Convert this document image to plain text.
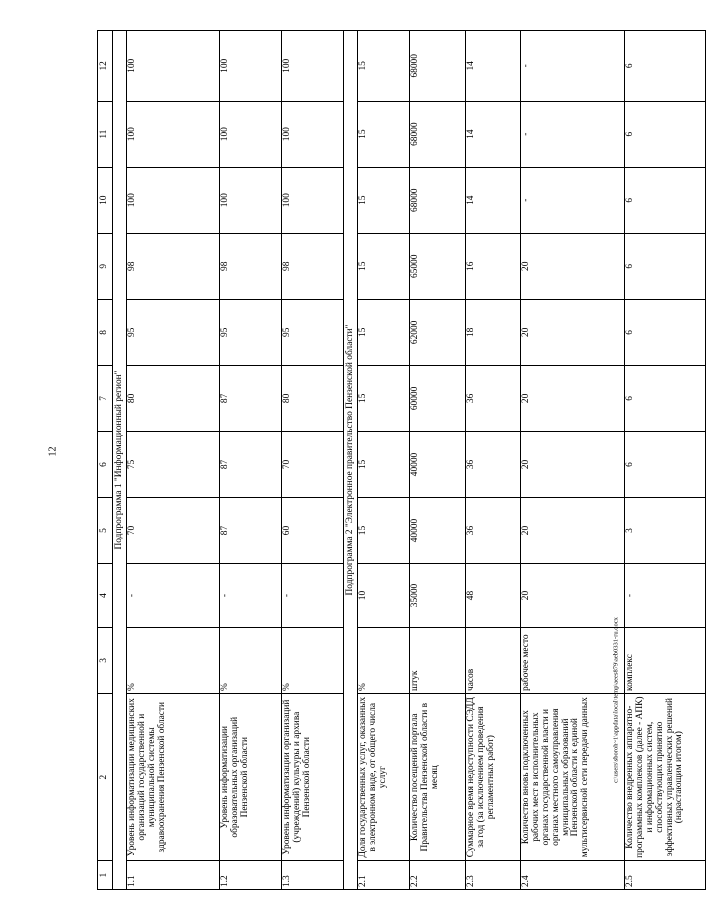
12
1	2	3	4	5	6	7	8	9	10	11	12
Подпрограмма 1 "Информационный регион"											
1.1	Уровень информатизации медицинских организаций государственной и муниципальной системы здравоохранения Пензенской области	%	-	70	75	80	95	98	100	100	100
1.2	Уровень информатизации образовательных организаций Пензенской области	%	-	87	87	87	95	98	100	100	100
1.3	Уровень информатизации организаций (учреждений) культуры и архива Пензенской области	%	-	60	70	80	95	98	100	100	100
Подпрограмма 2 "Электронное правительство Пензенской области"											
2.1	Доля государственных услуг, оказанных в электронном виде, от общего числа услуг	%	10	15	15	15	15	15	15	15	15
2.2	Количество посещений портала Правительства Пензенской области в месяц	штук	35000	40000	40000	60000	62000	65000	68000	68000	68000
2.3	Суммарное время недоступности СЭДД за год (за исключением проведения регламентных работ)	часов	48	36	36	36	18	16	14	14	14
2.4	Количество вновь подключенных рабочих мест в исполнительных органах государственной власти и органах местного самоуправления муниципальных образований Пензенской области к единой мультисервисной сети передачи данных	рабочее место	20	20	20	20	20	20	-	-	-
2.5	Количество внедренных аппаратно-программных комплексов (далее - АПК) и информационных систем, способствующих принятию эффективных управленческих решений (нарастающим итогом)	комплекс	-	3	6	6	6	6	6	6	6
c:\users\sboroh~1\appdata\local\temp\aees879\aeb0331-ru.docx
